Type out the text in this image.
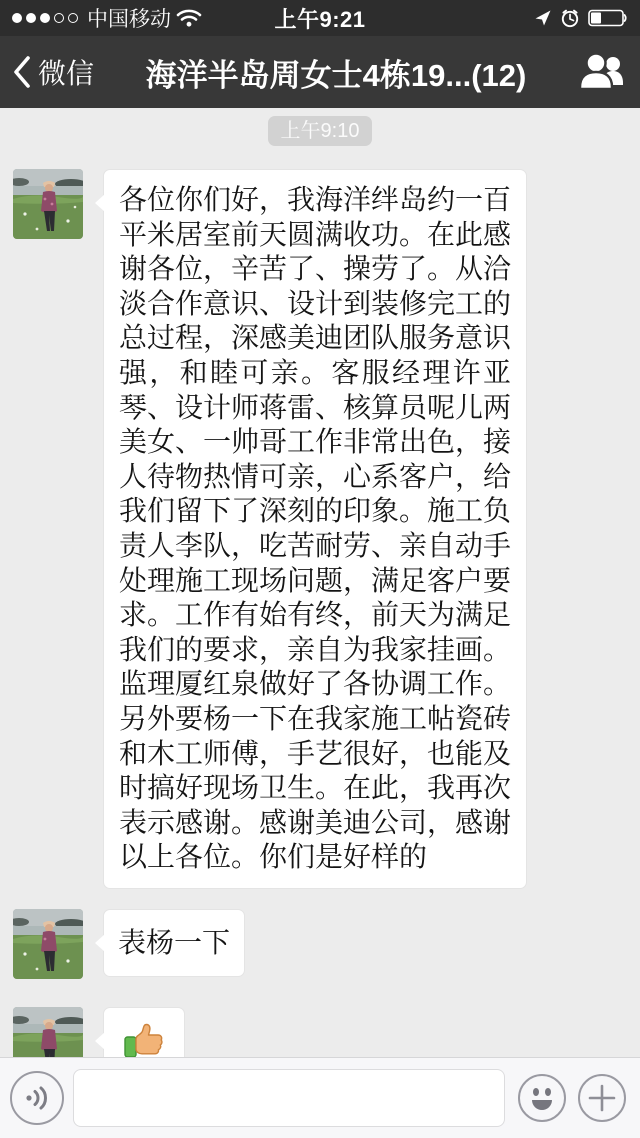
中国移动	上午9:21
微信	海洋半岛周女士4栋19...(12)
上午9:10
各位你们好，我海洋绊岛约一百平米居室前天圆满收功。在此感谢各位，辛苦了、操劳了。从洽淡合作意识、设计到装修完工的总过程，深感美迪团队服务意识强，和睦可亲。客服经理许亚琴、设计师蒋雷、核算员呢儿两美女、一帅哥工作非常出色，接人待物热情可亲，心系客户，给我们留下了深刻的印象。施工负责人李队，吃苦耐劳、亲自动手处理施工现场问题，满足客户要求。工作有始有终，前天为满足我们的要求，亲自为我家挂画。监理厦红泉做好了各协调工作。另外要杨一下在我家施工帖瓷砖和木工师傅，手艺很好，也能及时搞好现场卫生。在此，我再次表示感谢。感谢美迪公司，感谢以上各位。你们是好样的
表杨一下
